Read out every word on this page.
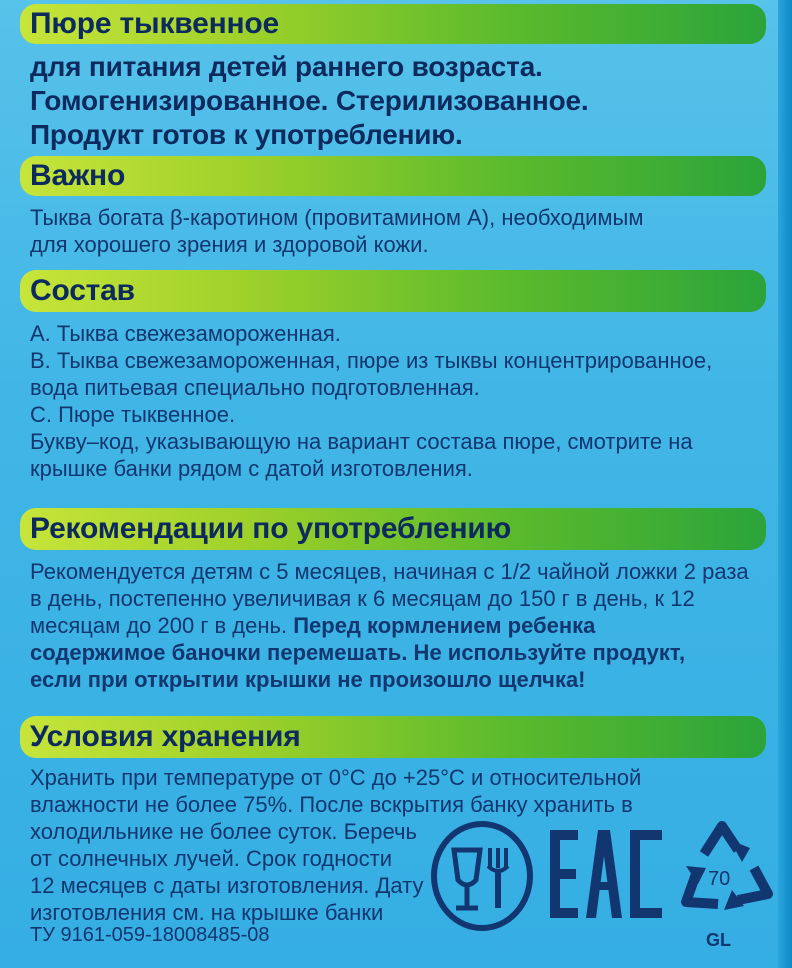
Пюре тыквенное
для питания детей раннего возраста.
Гомогенизированное. Стерилизованное.
Продукт готов к употреблению.
Важно

Тыква богата β-каротином (провитамином А), необходимым

для хорошего зрения и здоровой кожи.

Состав

А. Тыква свежезамороженная.

В. Тыква свежезамороженная, пюре из тыквы концентрированное,

вода питьевая специально подготовленная.

С. Пюре тыквенное.

Букву–код, указывающую на вариант состава пюре, смотрите на

крышке банки рядом с датой изготовления.

Рекомендации по употреблению

Рекомендуется детям с 5 месяцев, начиная с 1/2 чайной ложки 2 раза

в день, постепенно увеличивая к 6 месяцам до 150 г в день, к 12

месяцам до 200 г в день. Перед кормлением ребенка

содержимое баночки перемешать. Не используйте продукт,

если при открытии крышки не произошло щелчка!

Условия хранения

Хранить при температуре от 0°С до +25°С и относительной

влажности не более 75%. После вскрытия банку хранить в

холодильнике не более суток. Беречь

от солнечных лучей. Срок годности

12 месяцев с даты изготовления. Дату

изготовления см. на крышке банки

ТУ 9161-059-18008485-08
70
GL
